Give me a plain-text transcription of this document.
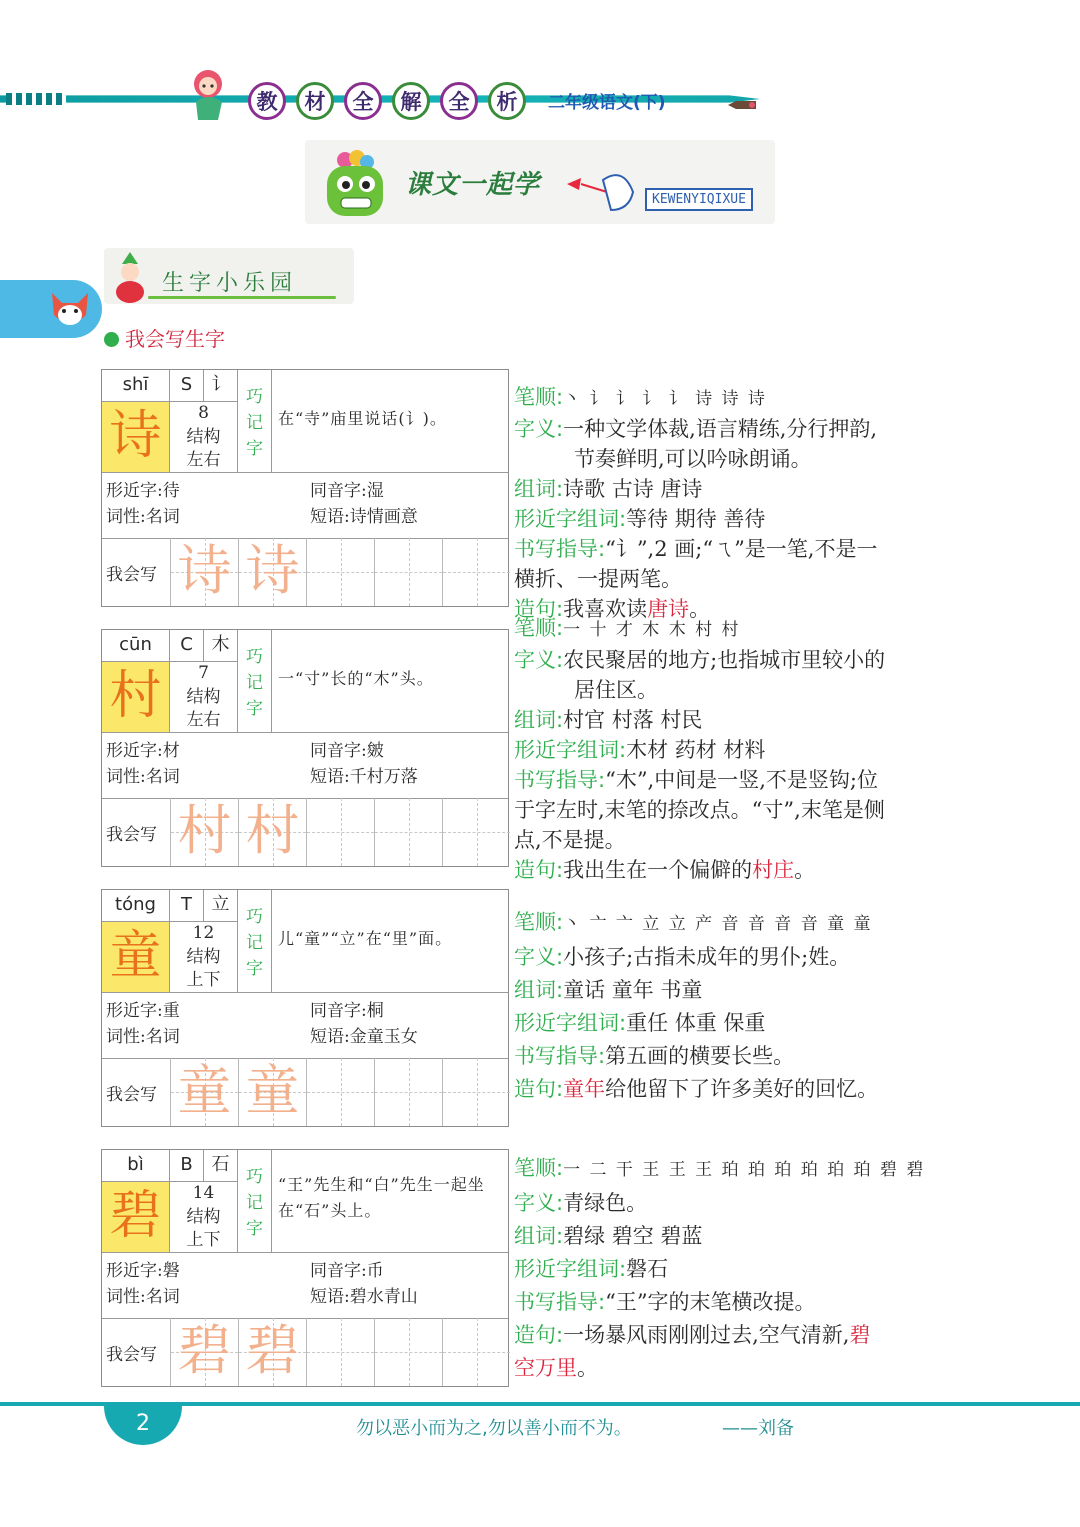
教	材	全	解	全	析	二年级语文(下)
课文一起学	KEWENYIQIXUE
生字小乐园
我会写生字
shī	S	讠
诗	8
结构
左右
巧
记
字
在“寺”庙里说话(讠)。
形近字:待
词性:名词
同音字:湿
短语:诗情画意
我会写 诗 诗
cūn	C	木
村	7
结构
左右
巧
记
字
一“寸”长的“木”头。
形近字:材
词性:名词
同音字:皴
短语:千村万落
我会写 村 村
tóng	T	立
童	12
结构
上下
巧
记
字
儿“童”“立”在“里”面。
形近字:重
词性:名词
同音字:桐
短语:金童玉女
我会写 童 童
bì	B	石
碧	14
结构
上下
巧
记
字
“王”先生和“白”先生一起坐在“石”头上。
形近字:磐
词性:名词
同音字:币
短语:碧水青山
我会写 碧 碧
笔顺:丶 讠 讠 讠 讠 诗 诗 诗
字义:一种文学体裁,语言精练,分行押韵,
节奏鲜明,可以吟咏朗诵。
组词:诗歌 古诗 唐诗
形近字组词:等待 期待 善待
书写指导:“讠”,2 画;“ㄟ”是一笔,不是一
横折、一提两笔。
造句:我喜欢读唐诗。
笔顺:一 十 才 木 木 村 村
字义:农民聚居的地方;也指城市里较小的
居住区。
组词:村官 村落 村民
形近字组词:木材 药材 材料
书写指导:“木”,中间是一竖,不是竖钩;位
于字左时,末笔的捺改点。“寸”,末笔是侧
点,不是提。
造句:我出生在一个偏僻的村庄。
笔顺:丶 亠 亠 立 立 产 音 音 音 音 童 童
字义:小孩子;古指未成年的男仆;姓。
组词:童话 童年 书童
形近字组词:重任 体重 保重
书写指导:第五画的横要长些。
造句:童年给他留下了许多美好的回忆。
笔顺:一 二 干 王 王 王 珀 珀 珀 珀 珀 珀 碧 碧
字义:青绿色。
组词:碧绿 碧空 碧蓝
形近字组词:磐石
书写指导:“王”字的末笔横改提。
造句:一场暴风雨刚刚过去,空气清新,碧
空万里。
2	勿以恶小而为之,勿以善小而不为。	——刘备
